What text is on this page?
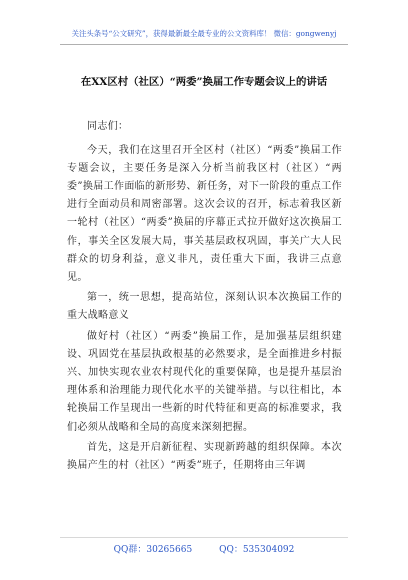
关注头条号“公文研究”，获得最新最全最专业的公文资料库！ 微信：gongwenyj
在XX区村（社区）“两委”换届工作专题会议上的讲话

同志们：

今天，我们在这里召开全区村（社区）“两委”换届工作专题会议，主要任务是深入分析当前我区村（社区）“两委”换届工作面临的新形势、新任务，对下一阶段的重点工作进行全面动员和周密部署。这次会议的召开，标志着我区新一轮村（社区）“两委”换届的序幕正式拉开做好这次换届工作，事关全区发展大局，事关基层政权巩固，事关广大人民群众的切身利益，意义非凡，责任重大下面，我讲三点意见。

第一，统一思想，提高站位，深刻认识本次换届工作的重大战略意义

做好村（社区）“两委”换届工作，是加强基层组织建设、巩固党在基层执政根基的必然要求，是全面推进乡村振兴、加快实现农业农村现代化的重要保障，也是提升基层治理体系和治理能力现代化水平的关键举措。与以往相比，本轮换届工作呈现出一些新的时代特征和更高的标准要求，我们必须从战略和全局的高度来深刻把握。

首先，这是开启新征程、实现新跨越的组织保障。本次换届产生的村（社区）“两委”班子，任期将由三年调

QQ群：30265665	QQ：535304092
